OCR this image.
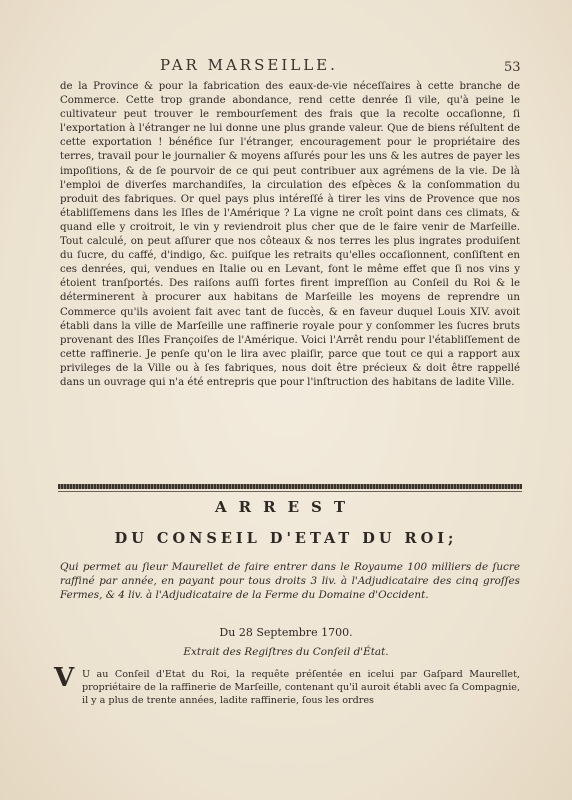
PAR MARSEILLE.	53

de la Province & pour la fabrication des eaux-de-vie néceſſaires à cette branche de Commerce. Cette trop grande abondance, rend cette denrée ſi vile, qu'à peine le cultivateur peut trouver le rembourſement des frais que la recolte occaſionne, ſi l'exportation à l'étranger ne lui donne une plus grande valeur. Que de biens réſultent de cette exportation ! bénéfice ſur l'étranger, encouragement pour le propriétaire des terres, travail pour le journalier & moyens aſſurés pour les uns & les autres de payer les impoſitions, & de ſe pourvoir de ce qui peut contribuer aux agrémens de la vie. De là l'emploi de diverſes marchandiſes, la circulation des eſpèces & la conſommation du produit des fabriques. Or quel pays plus intéreſſé à tirer les vins de Provence que nos établiſſemens dans les Iſles de l'Amérique ? La vigne ne croît point dans ces climats, & quand elle y croitroit, le vin y reviendroit plus cher que de le faire venir de Marſeille. Tout calculé, on peut aſſurer que nos côteaux & nos terres les plus ingrates produiſent du ſucre, du caffé, d'indigo, &c. puiſque les retraits qu'elles occaſionnent, conſiſtent en ces denrées, qui, vendues en Italie ou en Levant, font le même effet que ſi nos vins y étoient tranſportés. Des raiſons auſſi fortes firent impreſſion au Conſeil du Roi & le déterminerent à procurer aux habitans de Marſeille les moyens de reprendre un Commerce qu'ils avoient fait avec tant de ſuccès, & en faveur duquel Louis XIV. avoit établi dans la ville de Marſeille une raffinerie royale pour y conſommer les ſucres bruts provenant des Iſles Françoiſes de l'Amérique. Voici l'Arrêt rendu pour l'établiſſement de cette raffinerie. Je penſe qu'on le lira avec plaiſir, parce que tout ce qui a rapport aux privileges de la Ville ou à ſes fabriques, nous doit être précieux & doit être rappellé dans un ouvrage qui n'a été entrepris que pour l'inſtruction des habitans de ladite Ville.

ARREST
DU CONSEIL D'ETAT DU ROI;

Qui permet au ſieur Maurellet de faire entrer dans le Royaume 100 milliers de ſucre raffiné par année, en payant pour tous droits 3 liv. à l'Adjudicataire des cinq groſſes Fermes, & 4 liv. à l'Adjudicataire de la Ferme du Domaine d'Occident.

Du 28 Septembre 1700.
Extrait des Regiſtres du Conſeil d'État.
V U au Conſeil d'Etat du Roi, la requête préſentée en icelui par Gaſpard Maurellet, propriétaire de la raffinerie de Marſeille, contenant qu'il auroit établi avec ſa Compagnie, il y a plus de trente années, ladite raffinerie, ſous les ordres
